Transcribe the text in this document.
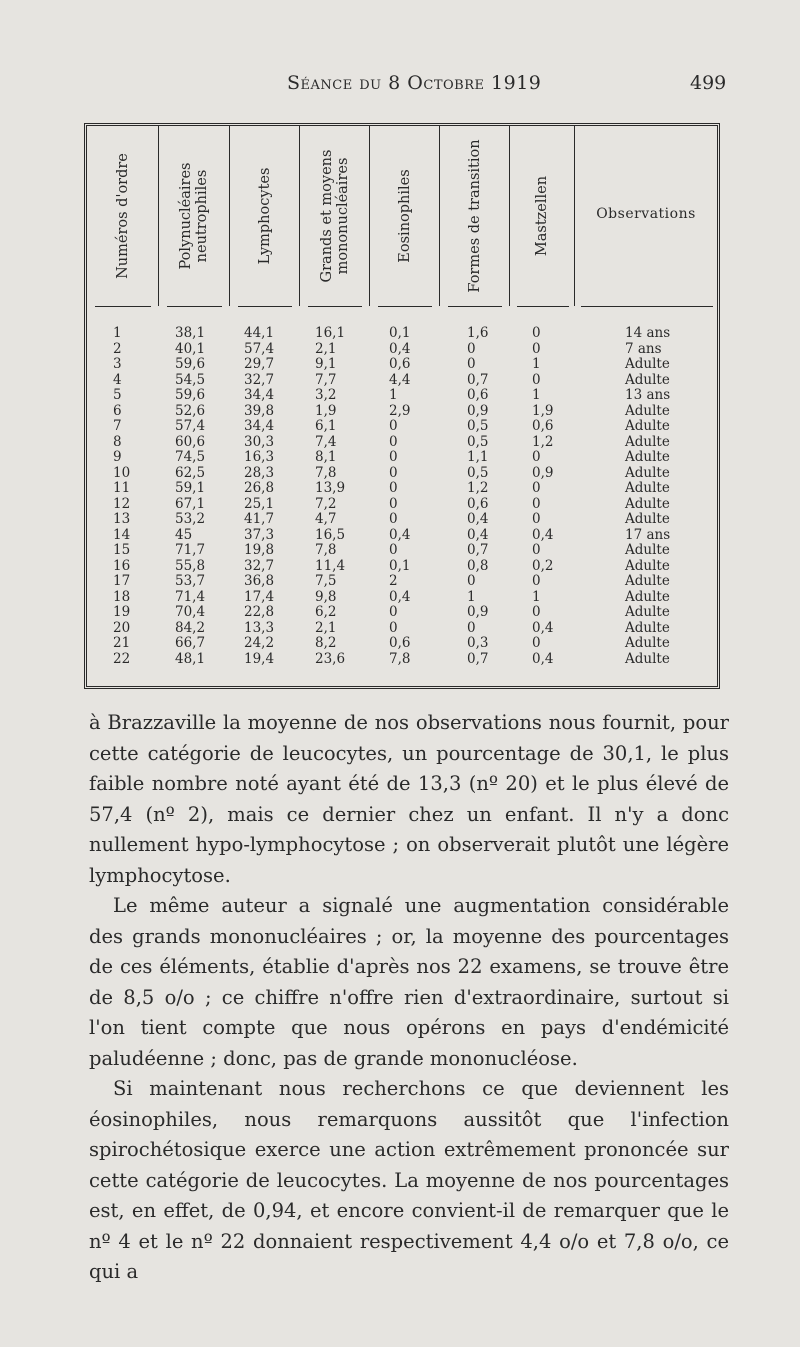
Séance du 8 Octobre 1919	499
Numéros d'ordre	Polynucléaires neutrophiles	Lymphocytes	Grands et moyens mononucléaires	Eosinophiles	Formes de transition	Mastzellen	Observations
1	38,1	44,1	16,1	0,1	1,6	0	14 ans
2	40,1	57,4	2,1	0,4	0	0	7 ans
3	59,6	29,7	9,1	0,6	0	1	Adulte
4	54,5	32,7	7,7	4,4	0,7	0	Adulte
5	59,6	34,4	3,2	1	0,6	1	13 ans
6	52,6	39,8	1,9	2,9	0,9	1,9	Adulte
7	57,4	34,4	6,1	0	0,5	0,6	Adulte
8	60,6	30,3	7,4	0	0,5	1,2	Adulte
9	74,5	16,3	8,1	0	1,1	0	Adulte
10	62,5	28,3	7,8	0	0,5	0,9	Adulte
11	59,1	26,8	13,9	0	1,2	0	Adulte
12	67,1	25,1	7,2	0	0,6	0	Adulte
13	53,2	41,7	4,7	0	0,4	0	Adulte
14	45	37,3	16,5	0,4	0,4	0,4	17 ans
15	71,7	19,8	7,8	0	0,7	0	Adulte
16	55,8	32,7	11,4	0,1	0,8	0,2	Adulte
17	53,7	36,8	7,5	2	0	0	Adulte
18	71,4	17,4	9,8	0,4	1	1	Adulte
19	70,4	22,8	6,2	0	0,9	0	Adulte
20	84,2	13,3	2,1	0	0	0,4	Adulte
21	66,7	24,2	8,2	0,6	0,3	0	Adulte
22	48,1	19,4	23,6	7,8	0,7	0,4	Adulte

à Brazzaville la moyenne de nos observations nous fournit, pour cette catégorie de leucocytes, un pourcentage de 30,1, le plus faible nombre noté ayant été de 13,3 (nº 20) et le plus élevé de 57,4 (nº 2), mais ce dernier chez un enfant. Il n'y a donc nullement hypo-lymphocytose ; on observerait plutôt une légère lymphocytose.

Le même auteur a signalé une augmentation considérable des grands mononucléaires ; or, la moyenne des pourcentages de ces éléments, établie d'après nos 22 examens, se trouve être de 8,5 o/o ; ce chiffre n'offre rien d'extraordinaire, surtout si l'on tient compte que nous opérons en pays d'endémicité paludéenne ; donc, pas de grande mononucléose.

Si maintenant nous recherchons ce que deviennent les éosinophiles, nous remarquons aussitôt que l'infection spirochétosique exerce une action extrêmement prononcée sur cette catégorie de leucocytes. La moyenne de nos pourcentages est, en effet, de 0,94, et encore convient-il de remarquer que le nº 4 et le nº 22 donnaient respectivement 4,4 o/o et 7,8 o/o, ce qui a
